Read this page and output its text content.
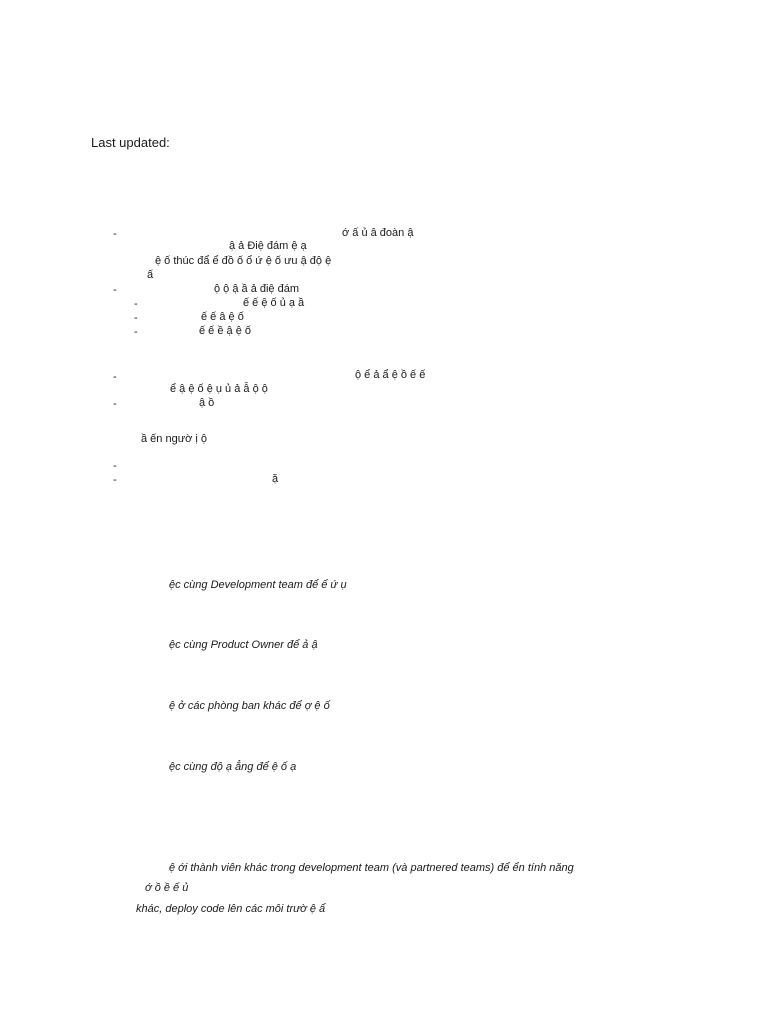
Last updated:
-	ớ ấ ủ â đoàn ậ
ậ ả Điệ đám ệ ạ
ệ ố thúc đẩ ể đồ ố ổ ứ ệ ố ưu ậ độ ệ
ấ
-	ộ ộ ậ ầ ả điệ đám
-	ế ế ệ ố ủ ạ ầ
-	ế ế â ệ ố
-	ế ế ề ậ ệ ố
-	ộ ể ả ẩ ệ ồ ế ế
ể ậ ệ ố ệ ụ ủ ả ẫ ộ ộ
-	ậ ồ
ầ ến ngườ ị ộ
-
-	ặ
ệc cùng Development team để ể ứ ụ
ệc cùng Product Owner để ả ậ
ệ ở các phòng ban khác để ợ ệ ố
ệc cùng độ ạ ẳng để ệ ố ạ
ệ ới thành viên khác trong development team (và partnered teams) để ển tính năng
ớ ồ ề ế ủ
khác, deploy code lên các môi trườ ệ ẩ
